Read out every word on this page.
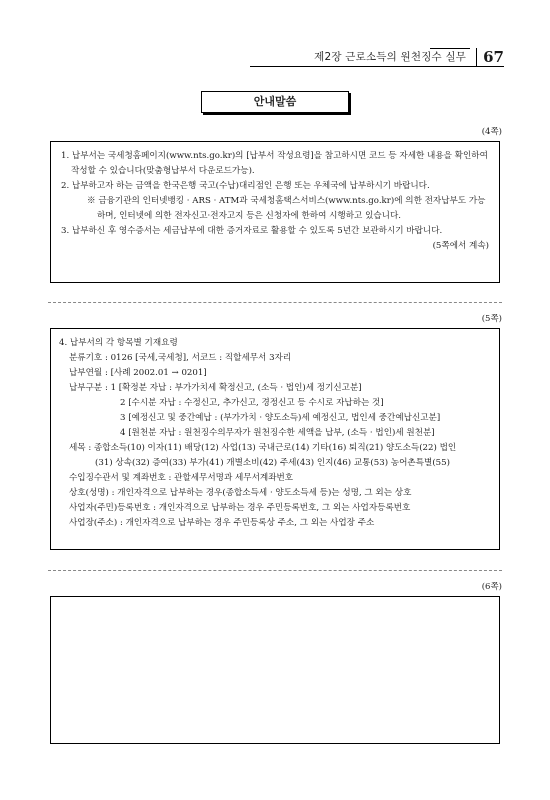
제2장 근로소득의 원천징수 실무	67
안내말씀
(4쪽)

1. 납부서는 국세청홈페이지(www.nts.go.kr)의 [납부서 작성요령]을 참고하시면 코드 등 자세한 내용을 확인하여 작성할 수 있습니다(맞춤형납부서 다운로드가능).

2. 납부하고자 하는 금액을 한국은행 국고(수납)대리점인 은행 또는 우체국에 납부하시기 바랍니다.

※ 금융기관의 인터넷뱅킹 · ARS · ATM과 국세청홈택스서비스(www.nts.go.kr)에 의한 전자납부도 가능하며, 인터넷에 의한 전자신고·전자고지 등은 신청자에 한하여 시행하고 있습니다.

3. 납부하신 후 영수증서는 세금납부에 대한 증거자료로 활용할 수 있도록 5년간 보관하시기 바랍니다.

(5쪽에서 계속)

(5쪽)

4. 납부서의 각 항목별 기재요령

분류기호 : 0126 [국세,국세청], 서코드 : 직할세무서 3자리

납부연월 : [사례 2002.01 → 0201]

납부구분 : 1 [확정분 자납 : 부가가치세 확정신고, (소득 · 법인)세 정기신고분]

2 [수시분 자납 : 수정신고, 추가신고, 경정신고 등 수시로 자납하는 것]

3 [예정신고 및 중간예납 : (부가가치 · 양도소득)세 예정신고, 법인세 중간예납신고분]

4 [원천분 자납 : 원천징수의무자가 원천징수한 세액을 납부, (소득 · 법인)세 원천분]

세목 : 종합소득(10) 이자(11) 배당(12) 사업(13) 국내근로(14) 기타(16) 퇴직(21) 양도소득(22) 법인

(31) 상속(32) 증여(33) 부가(41) 개별소비(42) 주세(43) 인지(46) 교통(53) 농어촌특별(55)

수입징수관서 및 계좌번호 : 관할세무서명과 세무서계좌번호

상호(성명) : 개인자격으로 납부하는 경우(종합소득세 · 양도소득세 등)는 성명, 그 외는 상호

사업자(주민)등록번호 : 개인자격으로 납부하는 경우 주민등록번호, 그 외는 사업자등록번호

사업장(주소) : 개인자격으로 납부하는 경우 주민등록상 주소, 그 외는 사업장 주소

(6쪽)
